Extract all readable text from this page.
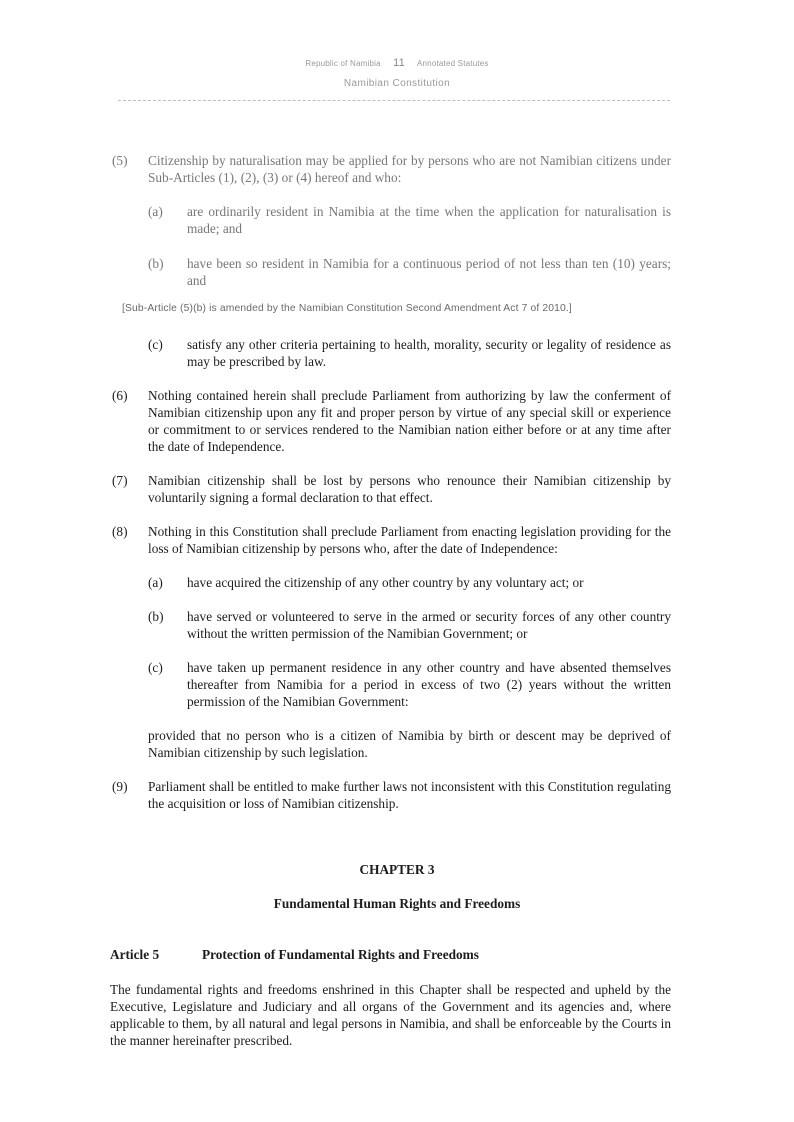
Republic of Namibia 11 Annotated Statutes
Namibian Constitution
(5) Citizenship by naturalisation may be applied for by persons who are not Namibian citizens under Sub-Articles (1), (2), (3) or (4) hereof and who:
(a) are ordinarily resident in Namibia at the time when the application for naturalisation is made; and
(b) have been so resident in Namibia for a continuous period of not less than ten (10) years; and
[Sub-Article (5)(b) is amended by the Namibian Constitution Second Amendment Act 7 of 2010.]
(c) satisfy any other criteria pertaining to health, morality, security or legality of residence as may be prescribed by law.
(6) Nothing contained herein shall preclude Parliament from authorizing by law the conferment of Namibian citizenship upon any fit and proper person by virtue of any special skill or experience or commitment to or services rendered to the Namibian nation either before or at any time after the date of Independence.
(7) Namibian citizenship shall be lost by persons who renounce their Namibian citizenship by voluntarily signing a formal declaration to that effect.
(8) Nothing in this Constitution shall preclude Parliament from enacting legislation providing for the loss of Namibian citizenship by persons who, after the date of Independence:
(a) have acquired the citizenship of any other country by any voluntary act; or
(b) have served or volunteered to serve in the armed or security forces of any other country without the written permission of the Namibian Government; or
(c) have taken up permanent residence in any other country and have absented themselves thereafter from Namibia for a period in excess of two (2) years without the written permission of the Namibian Government:
provided that no person who is a citizen of Namibia by birth or descent may be deprived of Namibian citizenship by such legislation.
(9) Parliament shall be entitled to make further laws not inconsistent with this Constitution regulating the acquisition or loss of Namibian citizenship.
CHAPTER 3
Fundamental Human Rights and Freedoms
Article 5	Protection of Fundamental Rights and Freedoms
The fundamental rights and freedoms enshrined in this Chapter shall be respected and upheld by the Executive, Legislature and Judiciary and all organs of the Government and its agencies and, where applicable to them, by all natural and legal persons in Namibia, and shall be enforceable by the Courts in the manner hereinafter prescribed.
